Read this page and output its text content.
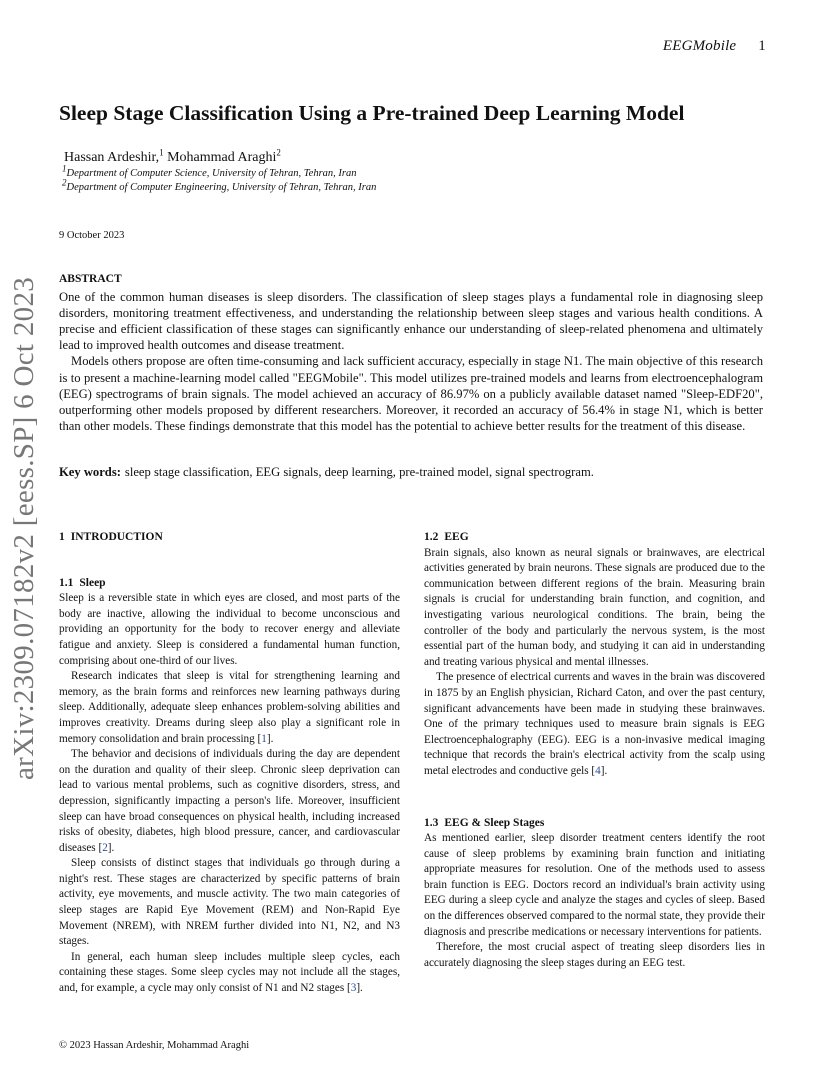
EEGMobile 1
Sleep Stage Classification Using a Pre-trained Deep Learning Model
Hassan Ardeshir,$^1$ Mohammad Araghi$^2$
$^1$Department of Computer Science, University of Tehran, Tehran, Iran
$^2$Department of Computer Engineering, University of Tehran, Tehran, Iran
9 October 2023
arXiv:2309.07182v2 [eess.SP] 6 Oct 2023	ABSTRACT

One of the common human diseases is sleep disorders. The classification of sleep stages plays a fundamental role in diagnosing sleep disorders, monitoring treatment effectiveness, and understanding the relationship between sleep stages and various health conditions. A precise and efficient classification of these stages can significantly enhance our understanding of sleep-related phenomena and ultimately lead to improved health outcomes and disease treatment.

Models others propose are often time-consuming and lack sufficient accuracy, especially in stage N1. The main objective of this research is to present a machine-learning model called "EEGMobile". This model utilizes pre-trained models and learns from electroencephalogram (EEG) spectrograms of brain signals. The model achieved an accuracy of 86.97% on a publicly available dataset named "Sleep-EDF20", outperforming other models proposed by different researchers. Moreover, it recorded an accuracy of 56.4% in stage N1, which is better than other models. These findings demonstrate that this model has the potential to achieve better results for the treatment of this disease.

Key words: sleep stage classification, EEG signals, deep learning, pre-trained model, signal spectrogram.
1 INTRODUCTION
1.1 Sleep

Sleep is a reversible state in which eyes are closed, and most parts of the body are inactive, allowing the individual to become unconscious and providing an opportunity for the body to recover energy and alleviate fatigue and anxiety. Sleep is considered a fundamental human function, comprising about one-third of our lives.

Research indicates that sleep is vital for strengthening learning and memory, as the brain forms and reinforces new learning pathways during sleep. Additionally, adequate sleep enhances problem-solving abilities and improves creativity. Dreams during sleep also play a significant role in memory consolidation and brain processing [1].

The behavior and decisions of individuals during the day are dependent on the duration and quality of their sleep. Chronic sleep deprivation can lead to various mental problems, such as cognitive disorders, stress, and depression, significantly impacting a person's life. Moreover, insufficient sleep can have broad consequences on physical health, including increased risks of obesity, diabetes, high blood pressure, cancer, and cardiovascular diseases [2].

Sleep consists of distinct stages that individuals go through during a night's rest. These stages are characterized by specific patterns of brain activity, eye movements, and muscle activity. The two main categories of sleep stages are Rapid Eye Movement (REM) and Non-Rapid Eye Movement (NREM), with NREM further divided into N1, N2, and N3 stages.

In general, each human sleep includes multiple sleep cycles, each containing these stages. Some sleep cycles may not include all the stages, and, for example, a cycle may only consist of N1 and N2 stages [3].

1.2 EEG

Brain signals, also known as neural signals or brainwaves, are electrical activities generated by brain neurons. These signals are produced due to the communication between different regions of the brain. Measuring brain signals is crucial for understanding brain function, and cognition, and investigating various neurological conditions. The brain, being the controller of the body and particularly the nervous system, is the most essential part of the human body, and studying it can aid in understanding and treating various physical and mental illnesses.

The presence of electrical currents and waves in the brain was discovered in 1875 by an English physician, Richard Caton, and over the past century, significant advancements have been made in studying these brainwaves. One of the primary techniques used to measure brain signals is EEG Electroencephalography (EEG). EEG is a non-invasive medical imaging technique that records the brain's electrical activity from the scalp using metal electrodes and conductive gels [4].

1.3 EEG & Sleep Stages

As mentioned earlier, sleep disorder treatment centers identify the root cause of sleep problems by examining brain function and initiating appropriate measures for resolution. One of the methods used to assess brain function is EEG. Doctors record an individual's brain activity using EEG during a sleep cycle and analyze the stages and cycles of sleep. Based on the differences observed compared to the normal state, they provide their diagnosis and prescribe medications or necessary interventions for patients.

Therefore, the most crucial aspect of treating sleep disorders lies in accurately diagnosing the sleep stages during an EEG test.

© 2023 Hassan Ardeshir, Mohammad Araghi
